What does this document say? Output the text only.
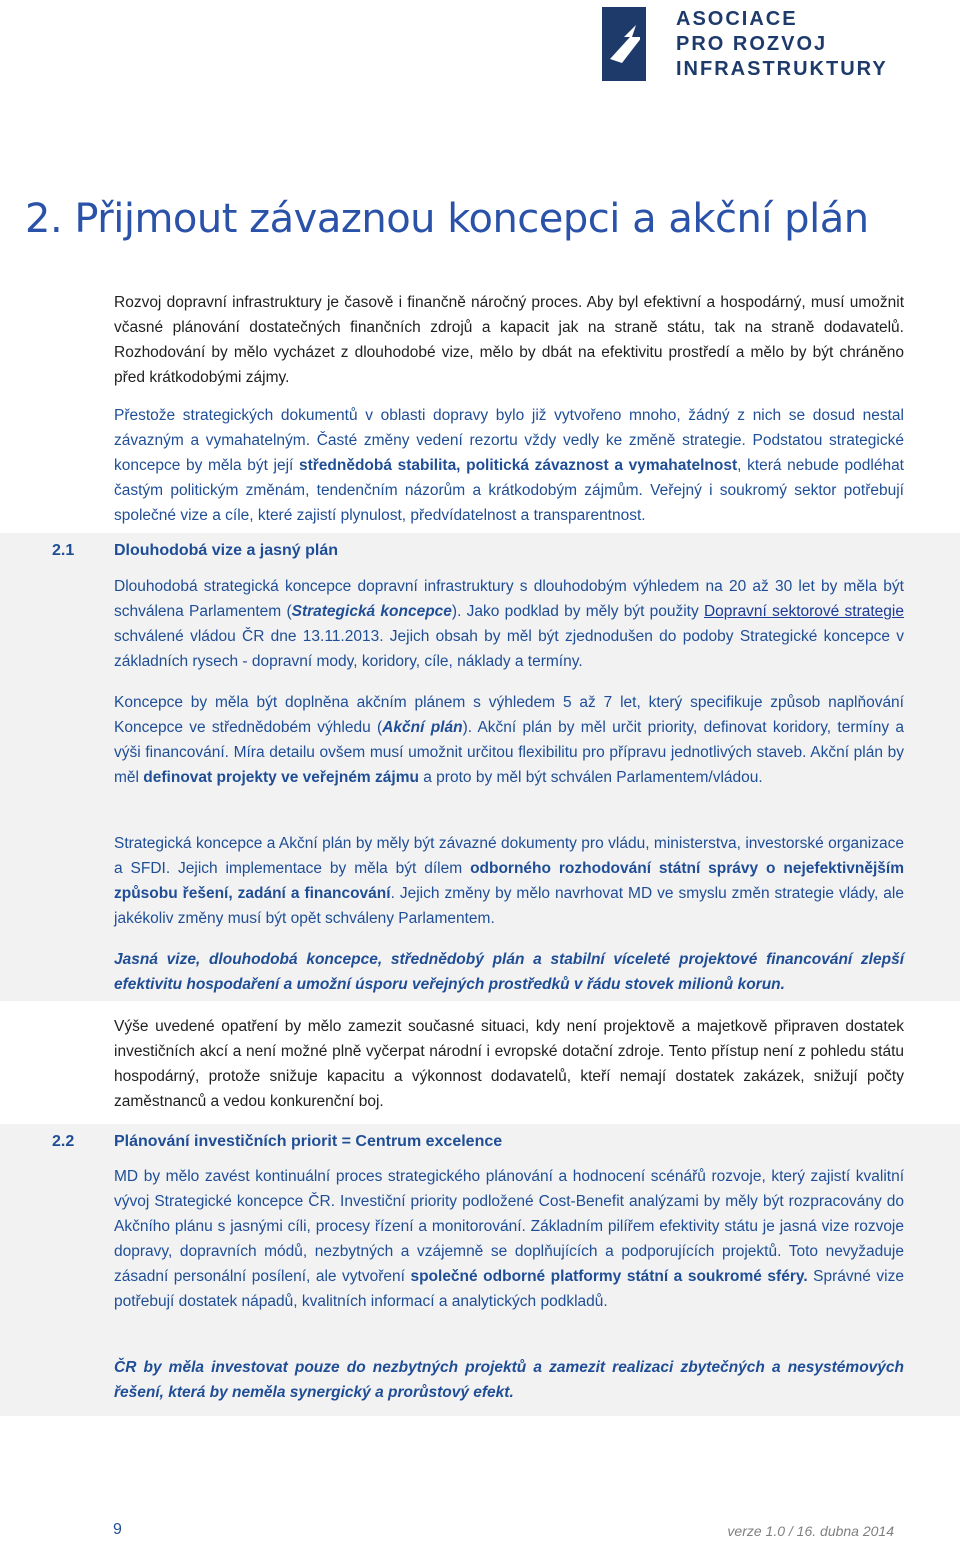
ASOCIACE
PRO ROZVOJ
INFRASTRUKTURY
2. Přijmout závaznou koncepci a akční plán

Rozvoj dopravní infrastruktury je časově i finančně náročný proces. Aby byl efektivní a hospodárný, musí umožnit včasné plánování dostatečných finančních zdrojů a kapacit jak na straně státu, tak na straně dodavatelů. Rozhodování by mělo vycházet z dlouhodobé vize, mělo by dbát na efektivitu prostředí a mělo by být chráněno před krátkodobými zájmy.

Přestože strategických dokumentů v oblasti dopravy bylo již vytvořeno mnoho, žádný z nich se dosud nestal závazným a vymahatelným. Časté změny vedení rezortu vždy vedly ke změně strategie. Podstatou strategické koncepce by měla být její střednědobá stabilita, politická závaznost a vymahatelnost, která nebude podléhat častým politickým změnám, tendenčním názorům a krátkodobým zájmům. Veřejný i soukromý sektor potřebují společné vize a cíle, které zajistí plynulost, předvídatelnost a transparentnost.

2.1 Dlouhodobá vize a jasný plán

Dlouhodobá strategická koncepce dopravní infrastruktury s dlouhodobým výhledem na 20 až 30 let by měla být schválena Parlamentem (Strategická koncepce). Jako podklad by měly být použity Dopravní sektorové strategie schválené vládou ČR dne 13.11.2013. Jejich obsah by měl být zjednodušen do podoby Strategické koncepce v základních rysech - dopravní mody, koridory, cíle, náklady a termíny.

Koncepce by měla být doplněna akčním plánem s výhledem 5 až 7 let, který specifikuje způsob naplňování Koncepce ve střednědobém výhledu (Akční plán). Akční plán by měl určit priority, definovat koridory, termíny a výši financování. Míra detailu ovšem musí umožnit určitou flexibilitu pro přípravu jednotlivých staveb. Akční plán by měl definovat projekty ve veřejném zájmu a proto by měl být schválen Parlamentem/vládou.

Strategická koncepce a Akční plán by měly být závazné dokumenty pro vládu, ministerstva, investorské organizace a SFDI. Jejich implementace by měla být dílem odborného rozhodování státní správy o nejefektivnějším způsobu řešení, zadání a financování. Jejich změny by mělo navrhovat MD ve smyslu změn strategie vlády, ale jakékoliv změny musí být opět schváleny Parlamentem.

Jasná vize, dlouhodobá koncepce, střednědobý plán a stabilní víceleté projektové financování zlepší efektivitu hospodaření a umožní úsporu veřejných prostředků v řádu stovek milionů korun.

Výše uvedené opatření by mělo zamezit současné situaci, kdy není projektově a majetkově připraven dostatek investičních akcí a není možné plně vyčerpat národní i evropské dotační zdroje. Tento přístup není z pohledu státu hospodárný, protože snižuje kapacitu a výkonnost dodavatelů, kteří nemají dostatek zakázek, snižují počty zaměstnanců a vedou konkurenční boj.

2.2 Plánování investičních priorit = Centrum excelence

MD by mělo zavést kontinuální proces strategického plánování a hodnocení scénářů rozvoje, který zajistí kvalitní vývoj Strategické koncepce ČR. Investiční priority podložené Cost-Benefit analýzami by měly být rozpracovány do Akčního plánu s jasnými cíli, procesy řízení a monitorování. Základním pilířem efektivity státu je jasná vize rozvoje dopravy, dopravních módů, nezbytných a vzájemně se doplňujících a podporujících projektů. Toto nevyžaduje zásadní personální posílení, ale vytvoření společné odborné platformy státní a soukromé sféry. Správné vize potřebují dostatek nápadů, kvalitních informací a analytických podkladů.

ČR by měla investovat pouze do nezbytných projektů a zamezit realizaci zbytečných a nesystémových řešení, která by neměla synergický a prorůstový efekt.

9	verze 1.0 / 16. dubna 2014
